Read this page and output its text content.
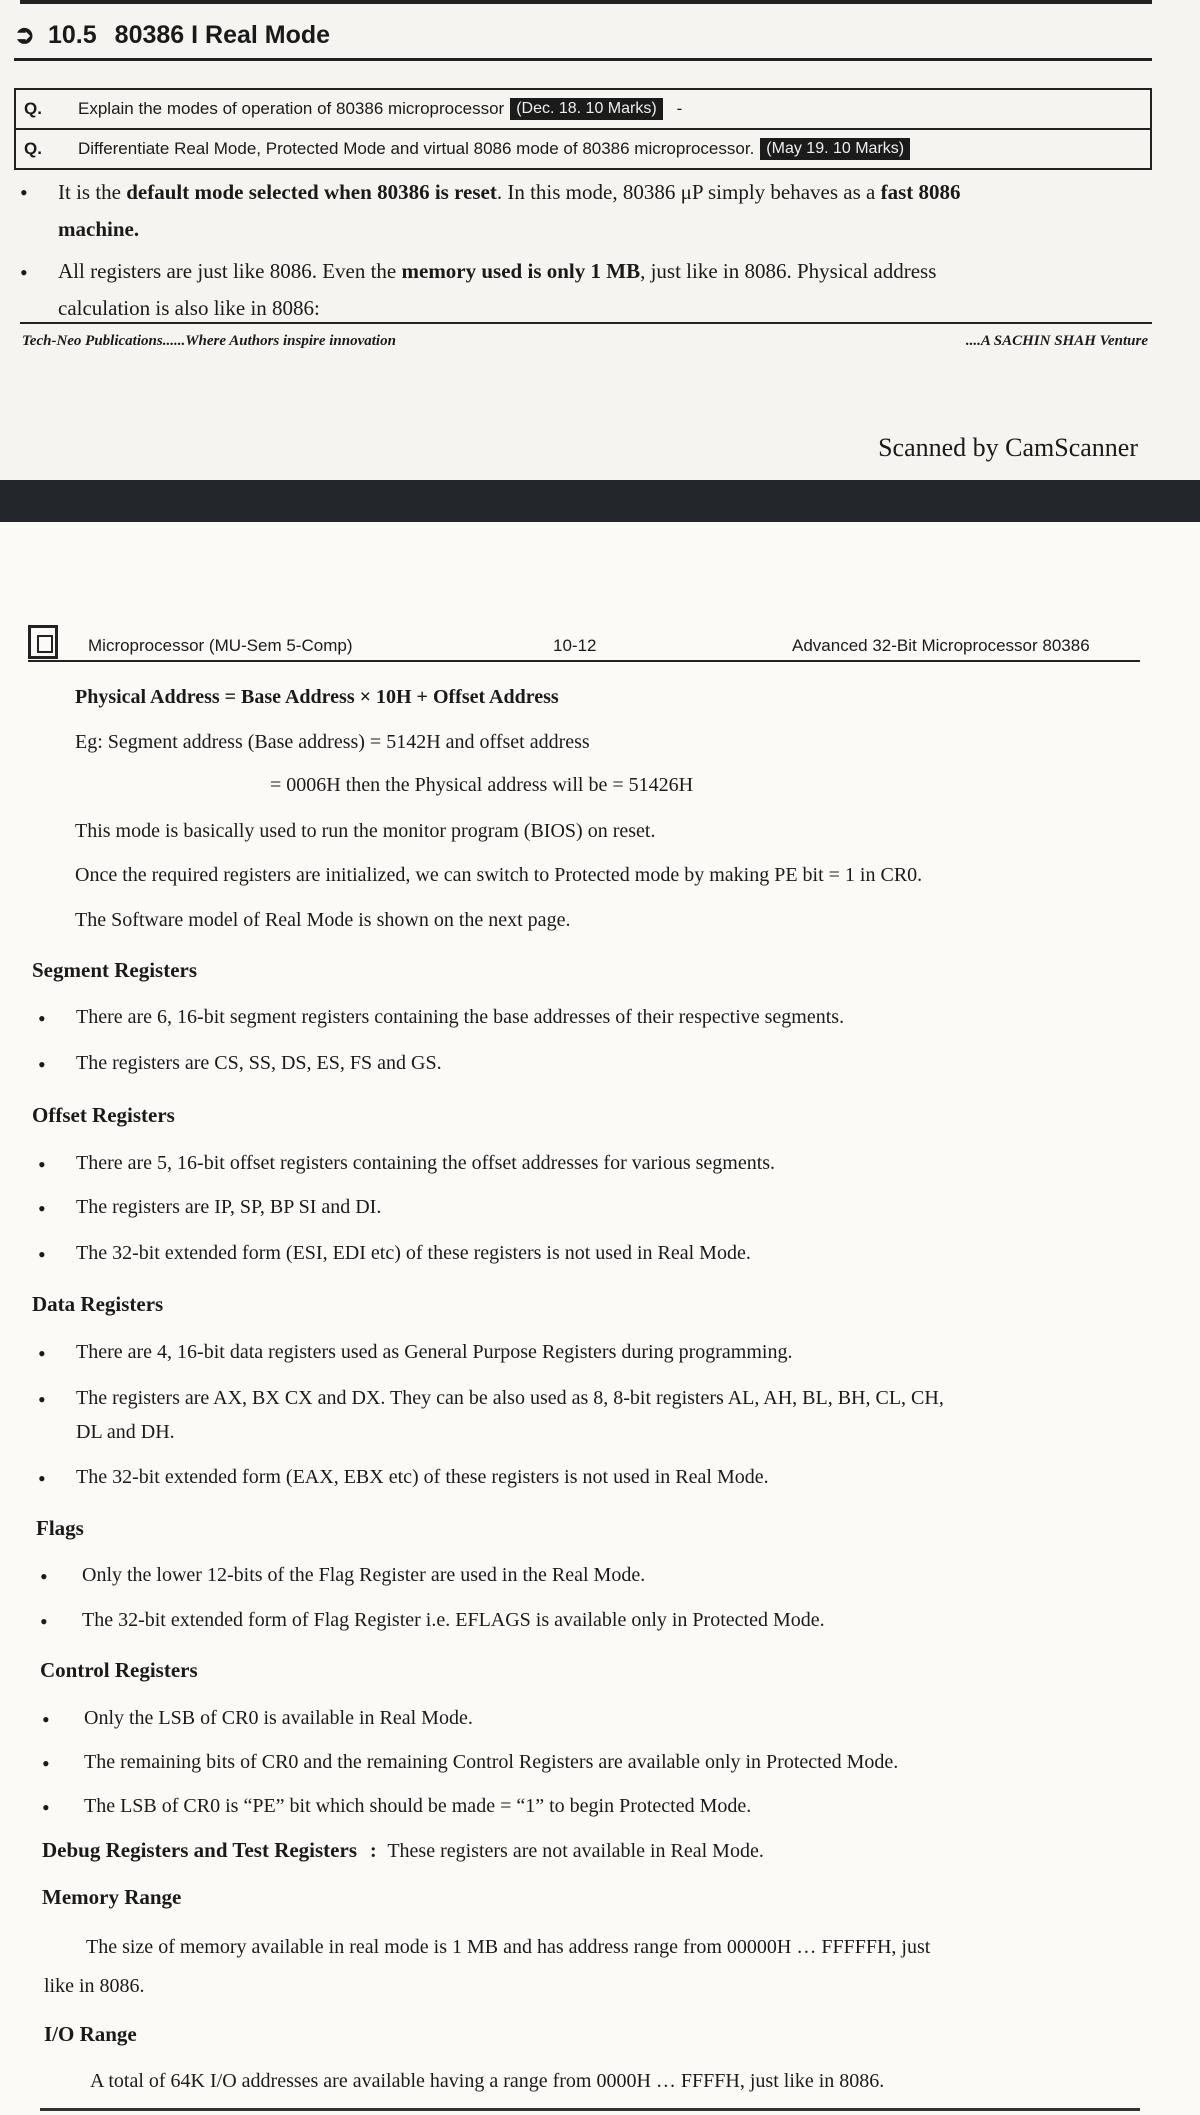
➲ 10.5 80386 I Real Mode
Q.	Explain the modes of operation of 80386 microprocessor (Dec. 18. 10 Marks)	-
Q.	Differentiate Real Mode, Protected Mode and virtual 8086 mode of 80386 microprocessor. (May 19. 10 Marks)
• It is the default mode selected when 80386 is reset. In this mode, 80386 μP simply behaves as a fast 8086
machine.
• All registers are just like 8086. Even the memory used is only 1 MB, just like in 8086. Physical address
calculation is also like in 8086:
Tech-Neo Publications......Where Authors inspire innovation	....A SACHIN SHAH Venture
Scanned by CamScanner
Microprocessor (MU-Sem 5-Comp)	10-12	Advanced 32-Bit Microprocessor 80386
Physical Address = Base Address × 10H + Offset Address
Eg: Segment address (Base address) = 5142H and offset address
= 0006H then the Physical address will be = 51426H
This mode is basically used to run the monitor program (BIOS) on reset.
Once the required registers are initialized, we can switch to Protected mode by making PE bit = 1 in CR0.
The Software model of Real Mode is shown on the next page.
Segment Registers
• There are 6, 16-bit segment registers containing the base addresses of their respective segments.
• The registers are CS, SS, DS, ES, FS and GS.
Offset Registers
• There are 5, 16-bit offset registers containing the offset addresses for various segments.
• The registers are IP, SP, BP SI and DI.
• The 32-bit extended form (ESI, EDI etc) of these registers is not used in Real Mode.
Data Registers
• There are 4, 16-bit data registers used as General Purpose Registers during programming.
• The registers are AX, BX CX and DX. They can be also used as 8, 8-bit registers AL, AH, BL, BH, CL, CH,
DL and DH.
• The 32-bit extended form (EAX, EBX etc) of these registers is not used in Real Mode.
Flags
• Only the lower 12-bits of the Flag Register are used in the Real Mode.
• The 32-bit extended form of Flag Register i.e. EFLAGS is available only in Protected Mode.
Control Registers
• Only the LSB of CR0 is available in Real Mode.
• The remaining bits of CR0 and the remaining Control Registers are available only in Protected Mode.
• The LSB of CR0 is “PE” bit which should be made = “1” to begin Protected Mode.
Debug Registers and Test Registers : These registers are not available in Real Mode.
Memory Range
The size of memory available in real mode is 1 MB and has address range from 00000H … FFFFFH, just
like in 8086.
I/O Range
A total of 64K I/O addresses are available having a range from 0000H … FFFFH, just like in 8086.
